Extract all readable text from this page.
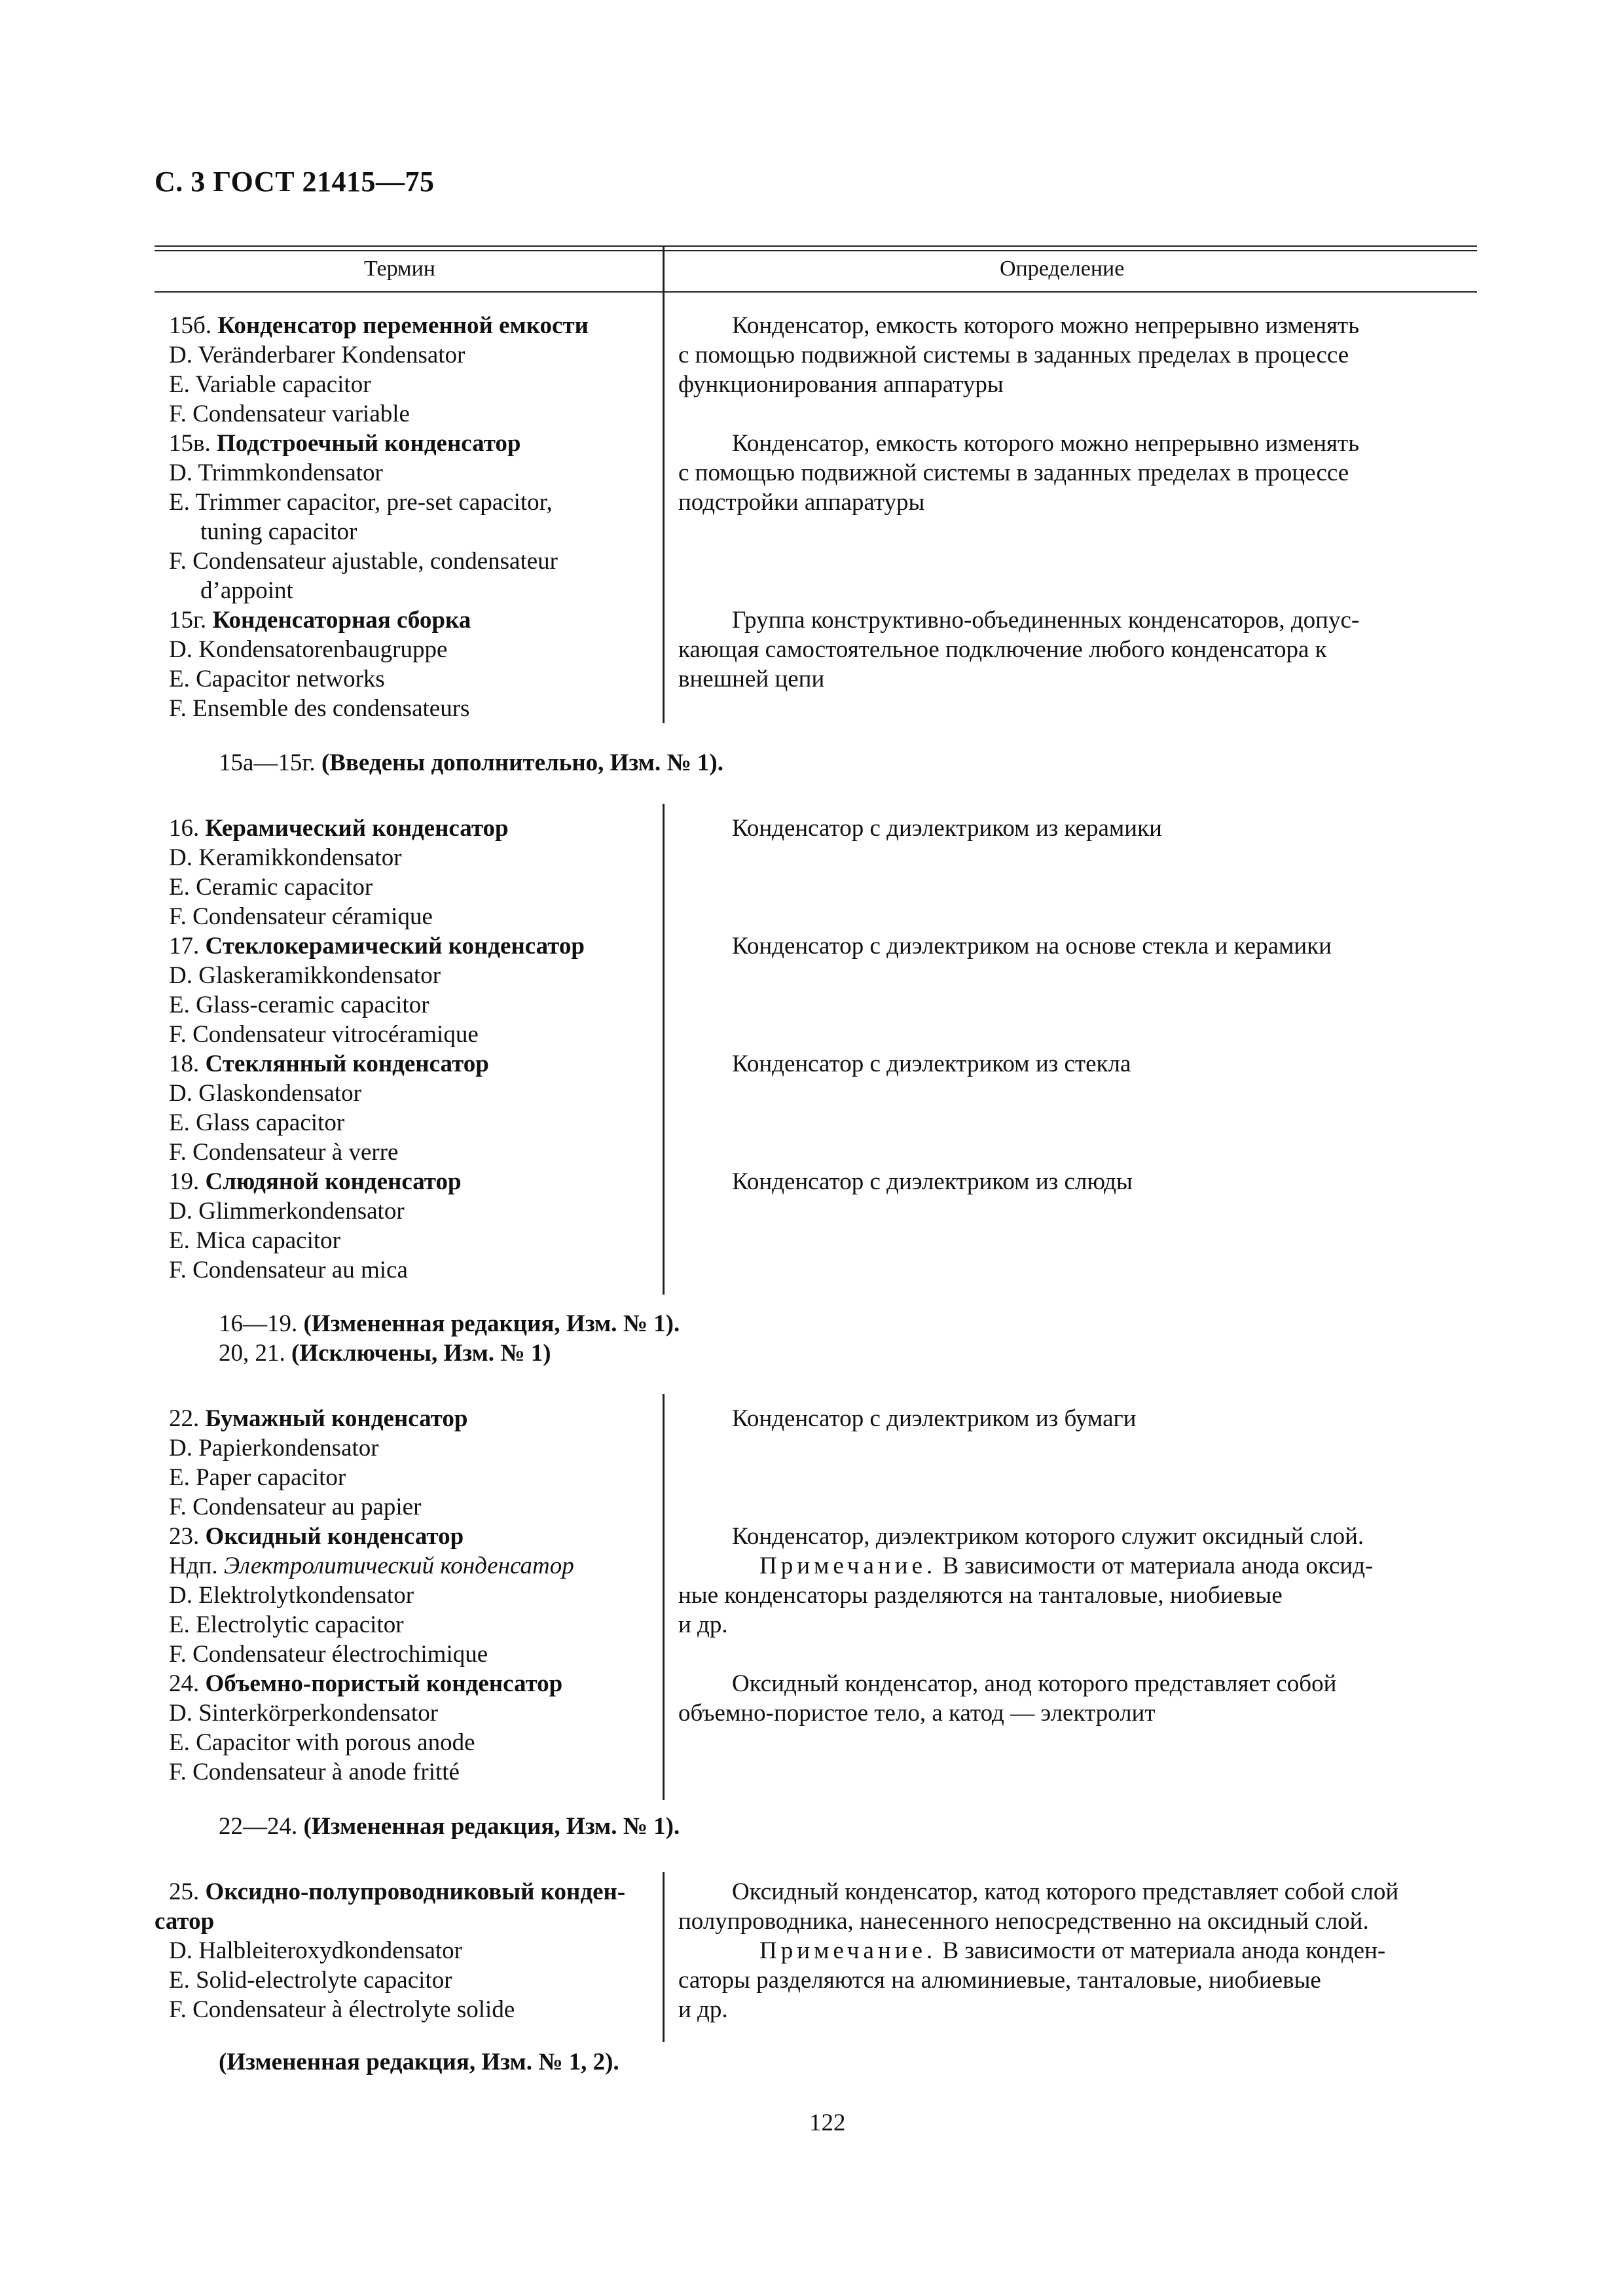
С. 3 ГОСТ 21415—75
Термин	Определение
15б. Конденсатор переменной емкости
D. Veränderbarer Kondensator
E. Variable capacitor
F. Condensateur variable
15в. Подстроечный конденсатор
D. Trimmkondensator
E. Trimmer capacitor, pre-set capacitor,
tuning capacitor
F. Condensateur ajustable, condensateur
d’appoint
15г. Конденсаторная сборка
D. Kondensatorenbaugruppe
E. Capacitor networks
F. Ensemble des condensateurs
Конденсатор, емкость которого можно непрерывно изменять
с помощью подвижной системы в заданных пределах в процессе
функционирования аппаратуры
Конденсатор, емкость которого можно непрерывно изменять
с помощью подвижной системы в заданных пределах в процессе
подстройки аппаратуры
Группа конструктивно-объединенных конденсаторов, допус-
кающая самостоятельное подключение любого конденсатора к
внешней цепи
15а—15г. (Введены дополнительно, Изм. № 1).
16. Керамический конденсатор
D. Keramikkondensator
E. Ceramic capacitor
F. Condensateur céramique
17. Стеклокерамический конденсатор
D. Glaskeramikkondensator
E. Glass-ceramic capacitor
F. Condensateur vitrocéramique
18. Стеклянный конденсатор
D. Glaskondensator
E. Glass capacitor
F. Condensateur à verre
19. Слюдяной конденсатор
D. Glimmerkondensator
E. Mica capacitor
F. Condensateur au mica
Конденсатор с диэлектриком из керамики
Конденсатор с диэлектриком на основе стекла и керамики
Конденсатор с диэлектриком из стекла
Конденсатор с диэлектриком из слюды
16—19. (Измененная редакция, Изм. № 1).
20, 21. (Исключены, Изм. № 1)
22. Бумажный конденсатор
D. Papierkondensator
E. Paper capacitor
F. Condensateur au papier
23. Оксидный конденсатор
Ндп. Электролитический конденсатор
D. Elektrolytkondensator
E. Electrolytic capacitor
F. Condensateur électrochimique
24. Объемно-пористый конденсатор
D. Sinterkörperkondensator
E. Capacitor with porous anode
F. Condensateur à anode fritté
Конденсатор с диэлектриком из бумаги
Конденсатор, диэлектриком которого служит оксидный слой.
Примечание. В зависимости от материала анода оксид-
ные конденсаторы разделяются на танталовые, ниобиевые
и др.
Оксидный конденсатор, анод которого представляет собой
объемно-пористое тело, а катод — электролит
22—24. (Измененная редакция, Изм. № 1).
25. Оксидно-полупроводниковый конден-
сатор
D. Halbleiteroxydkondensator
E. Solid-electrolyte capacitor
F. Condensateur à électrolyte solide
Оксидный конденсатор, катод которого представляет собой слой
полупроводника, нанесенного непосредственно на оксидный слой.
Примечание. В зависимости от материала анода конден-
саторы разделяются на алюминиевые, танталовые, ниобиевые
и др.
(Измененная редакция, Изм. № 1, 2).
122
